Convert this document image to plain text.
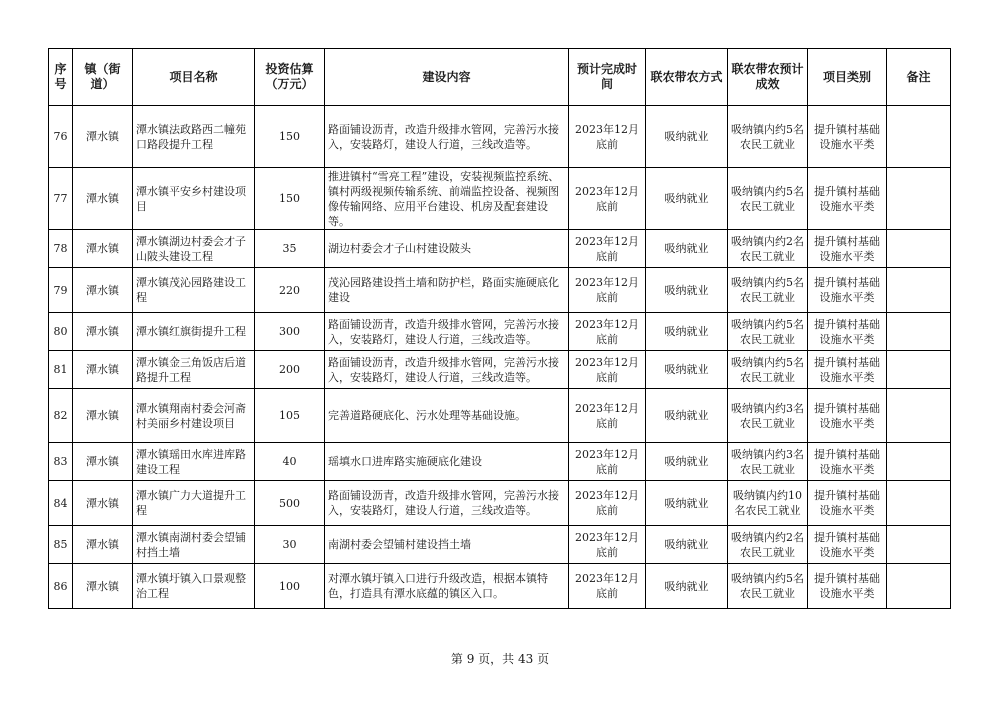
序号	镇（街道）	项目名称	投资估算（万元）	建设内容	预计完成时间	联农带农方式	联农带农预计成效	项目类别	备注
76	潭水镇	潭水镇法政路西二幢苑口路段提升工程	150	路面铺设沥青，改造升级排水管网，完善污水接入，安装路灯，建设人行道，三线改造等。	2023年12月底前	吸纳就业	吸纳镇内约5名农民工就业	提升镇村基础设施水平类	
77	潭水镇	潭水镇平安乡村建设项目	150	推进镇村“雪亮工程”建设，安装视频监控系统、镇村两级视频传输系统、前端监控设备、视频图像传输网络、应用平台建设、机房及配套建设等。	2023年12月底前	吸纳就业	吸纳镇内约5名农民工就业	提升镇村基础设施水平类	
78	潭水镇	潭水镇湖边村委会才子山陂头建设工程	35	湖边村委会才子山村建设陂头	2023年12月底前	吸纳就业	吸纳镇内约2名农民工就业	提升镇村基础设施水平类	
79	潭水镇	潭水镇茂沁园路建设工程	220	茂沁园路建设挡土墙和防护栏，路面实施硬底化建设	2023年12月底前	吸纳就业	吸纳镇内约5名农民工就业	提升镇村基础设施水平类	
80	潭水镇	潭水镇红旗街提升工程	300	路面铺设沥青，改造升级排水管网，完善污水接入，安装路灯，建设人行道，三线改造等。	2023年12月底前	吸纳就业	吸纳镇内约5名农民工就业	提升镇村基础设施水平类	
81	潭水镇	潭水镇金三角饭店后道路提升工程	200	路面铺设沥青，改造升级排水管网，完善污水接入，安装路灯，建设人行道，三线改造等。	2023年12月底前	吸纳就业	吸纳镇内约5名农民工就业	提升镇村基础设施水平类	
82	潭水镇	潭水镇翔南村委会河斋村美丽乡村建设项目	105	完善道路硬底化、污水处理等基础设施。	2023年12月底前	吸纳就业	吸纳镇内约3名农民工就业	提升镇村基础设施水平类	
83	潭水镇	潭水镇瑶田水库进库路建设工程	40	瑶填水口进库路实施硬底化建设	2023年12月底前	吸纳就业	吸纳镇内约3名农民工就业	提升镇村基础设施水平类	
84	潭水镇	潭水镇广力大道提升工程	500	路面铺设沥青，改造升级排水管网，完善污水接入，安装路灯，建设人行道，三线改造等。	2023年12月底前	吸纳就业	吸纳镇内约10名农民工就业	提升镇村基础设施水平类	
85	潭水镇	潭水镇南湖村委会望铺村挡土墙	30	南湖村委会望铺村建设挡土墙	2023年12月底前	吸纳就业	吸纳镇内约2名农民工就业	提升镇村基础设施水平类	
86	潭水镇	潭水镇圩镇入口景观整治工程	100	对潭水镇圩镇入口进行升级改造，根据本镇特色，打造具有潭水底蕴的镇区入口。	2023年12月底前	吸纳就业	吸纳镇内约5名农民工就业	提升镇村基础设施水平类	
第 9 页，共 43 页
